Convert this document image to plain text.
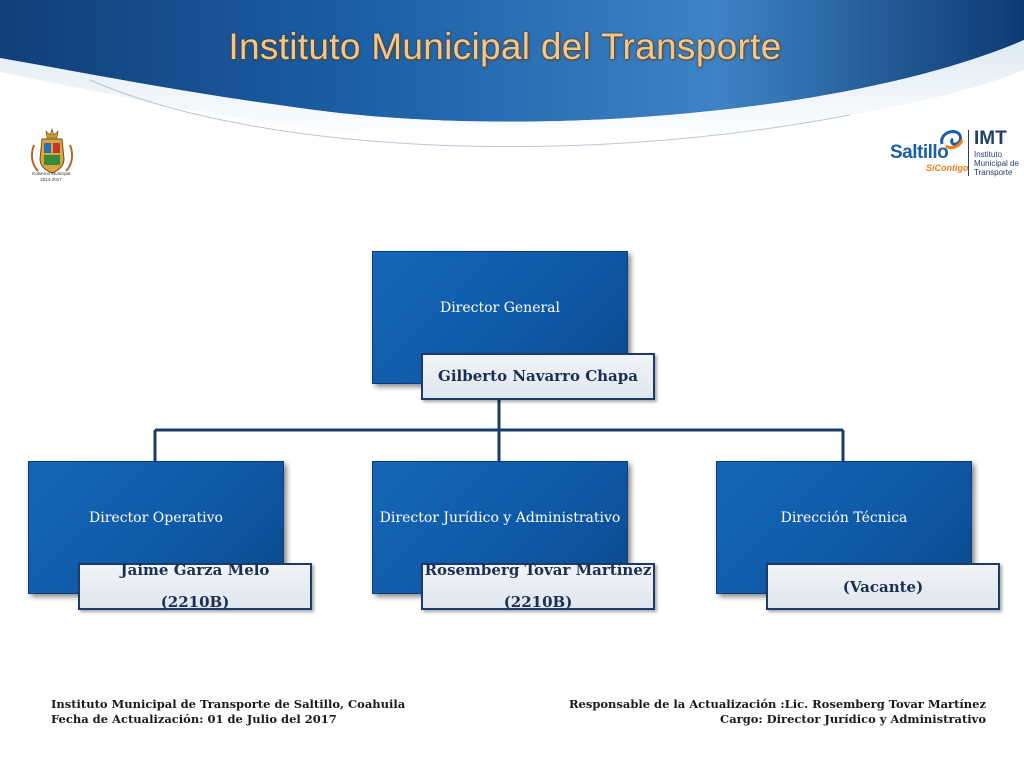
Instituto Municipal del Transporte
Gobierno Municipal
2014-2017
Saltillo
SíContigo
IMT
Instituto
Municipal de
Transporte
Director General
Gilberto Navarro Chapa
Director Operativo
Jaime Garza Melo
(2210B)
Director Jurídico y Administrativo
Rosemberg Tovar Martínez
(2210B)
Dirección Técnica
(Vacante)
Instituto Municipal de Transporte de Saltillo, Coahuila
Fecha de Actualización: 01 de Julio del 2017
Responsable de la Actualización :Lic. Rosemberg Tovar Martínez
Cargo: Director Jurídico y Administrativo
